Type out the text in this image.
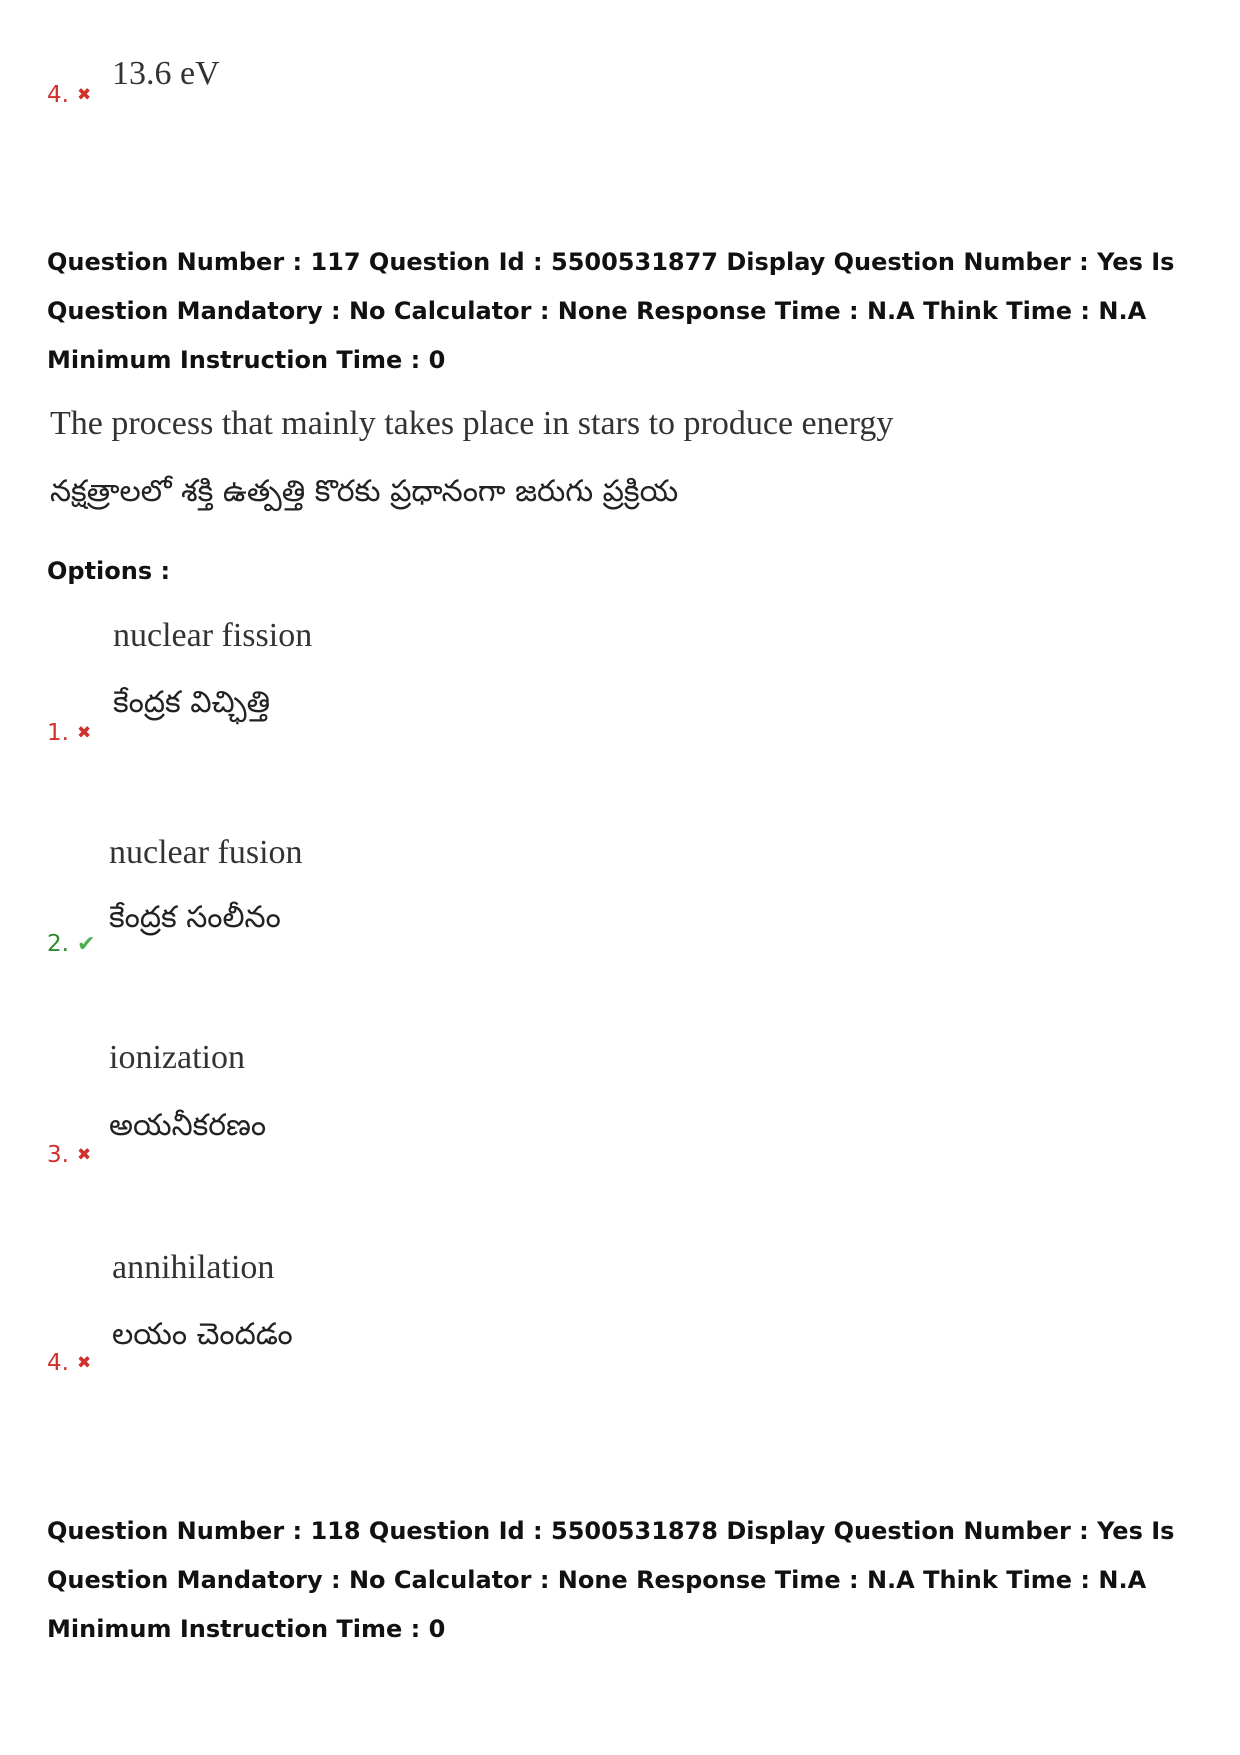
13.6 eV
4. ✖
Question Number : 117 Question Id : 5500531877 Display Question Number : Yes Is Question Mandatory : No Calculator : None Response Time : N.A Think Time : N.A Minimum Instruction Time : 0
The process that mainly takes place in stars to produce energy
నక్షత్రాలలో శక్తి ఉత్పత్తి కొరకు ప్రధానంగా జరుగు ప్రక్రియ
Options :
nuclear fission
కేంద్రక విచ్ఛిత్తి
1. ✖
nuclear fusion
కేంద్రక సంలీనం
2. ✔
ionization
అయనీకరణం
3. ✖
annihilation
లయం చెందడం
4. ✖
Question Number : 118 Question Id : 5500531878 Display Question Number : Yes Is Question Mandatory : No Calculator : None Response Time : N.A Think Time : N.A Minimum Instruction Time : 0
